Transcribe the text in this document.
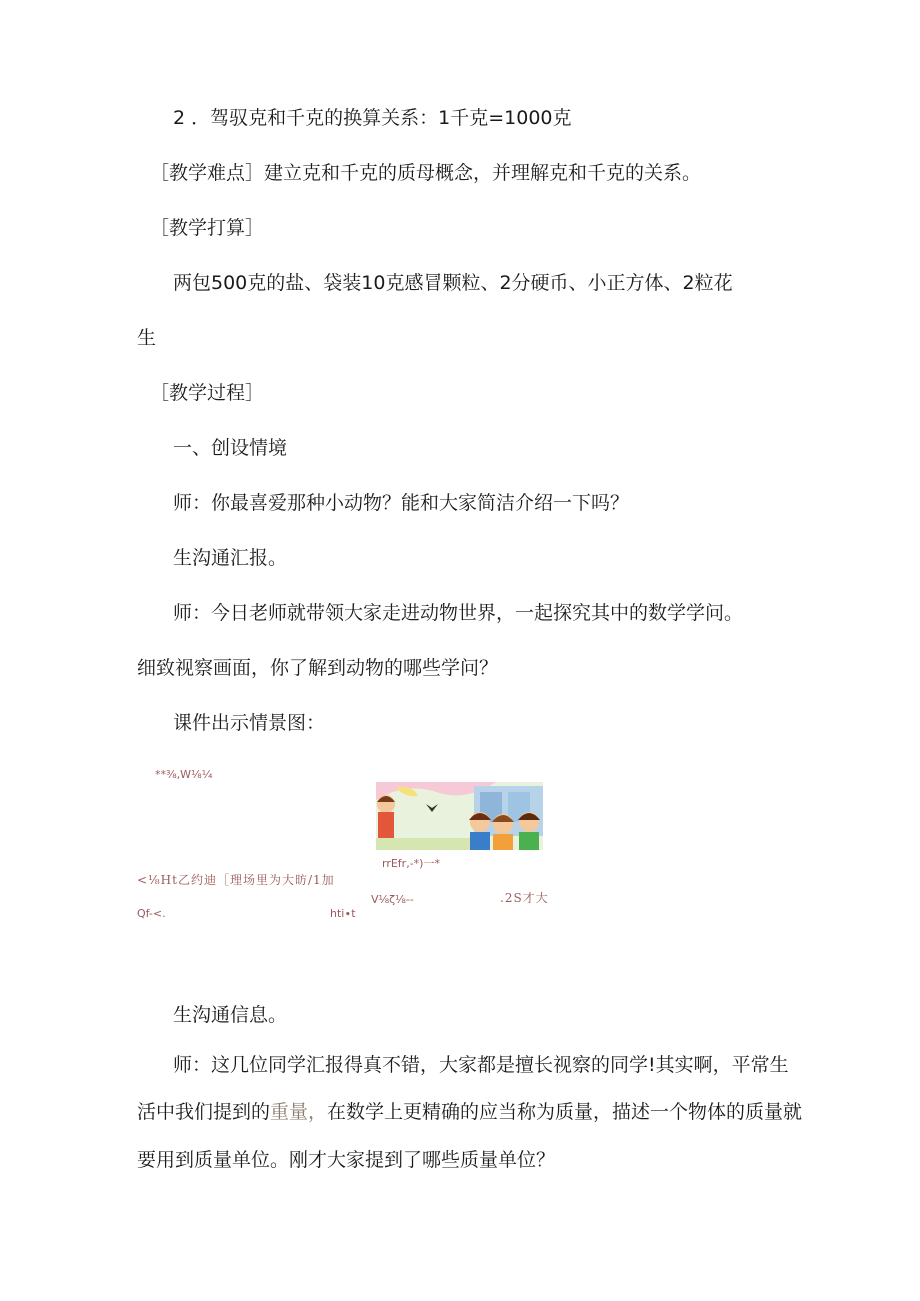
2 ．驾驭克和千克的换算关系：1千克=1000克
［教学难点］建立克和千克的质母概念，并理解克和千克的关系。
［教学打算］
两包500克的盐、袋装10克感冒颗粒、2分硬币、小正方体、2粒花
生
［教学过程］
一、创设情境
师：你最喜爱那种小动物？能和大家简洁介绍一下吗？
生沟通汇报。
师：今日老师就带领大家走进动物世界，一起探究其中的数学学问。
细致视察画面，你了解到动物的哪些学问？
课件出示情景图：
**⅜,W⅛¼
rrEfr,-*)一*
<⅛Ht乙约迪［理场里为大昉/1加
V⅛ζ⅛--	.2S才大
Qf-<.	hti∙t
生沟通信息。
师：这几位同学汇报得真不错，大家都是擅长视察的同学!其实啊，平常生
活中我们提到的重量，在数学上更精确的应当称为质量，描述一个物体的质量就
要用到质量单位。刚才大家提到了哪些质量单位？
